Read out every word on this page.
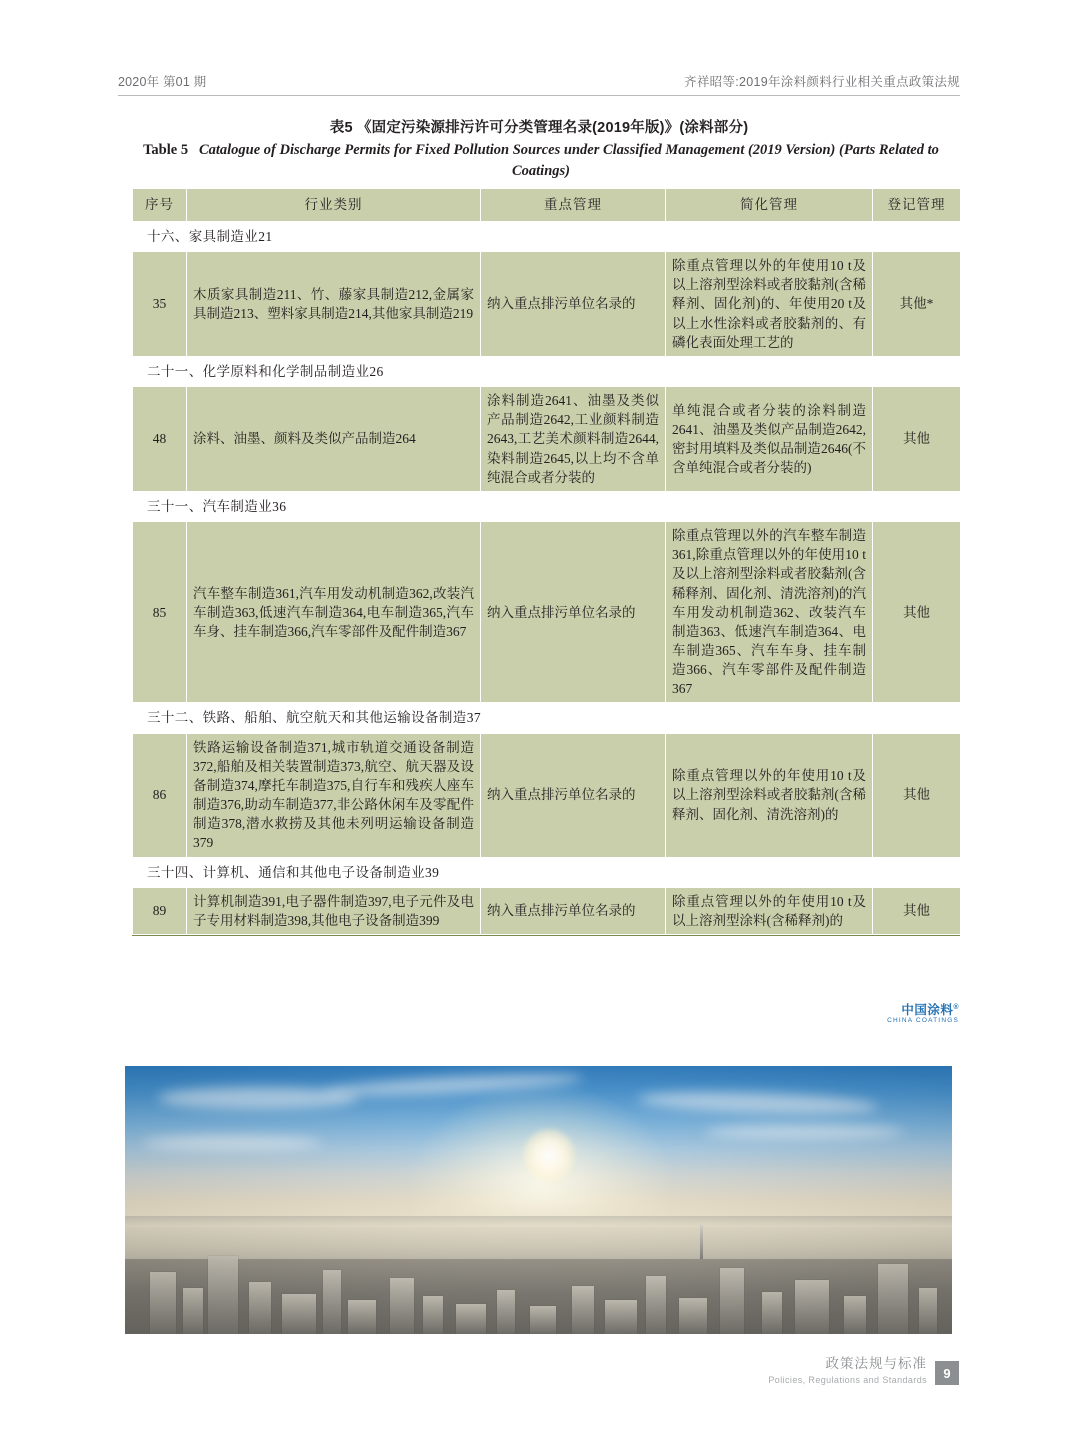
2020年 第01 期	齐祥昭等:2019年涂料颜料行业相关重点政策法规
表5 《固定污染源排污许可分类管理名录(2019年版)》(涂料部分)
Table 5 Catalogue of Discharge Permits for Fixed Pollution Sources under Classified Management (2019 Version) (Parts Related to Coatings)
序号	行业类别	重点管理	简化管理	登记管理
十六、家具制造业21				
35	木质家具制造211、竹、藤家具制造212,金属家具制造213、塑料家具制造214,其他家具制造219	纳入重点排污单位名录的	除重点管理以外的年使用10 t及以上溶剂型涂料或者胶黏剂(含稀释剂、固化剂)的、年使用20 t及以上水性涂料或者胶黏剂的、有磷化表面处理工艺的	其他*
二十一、化学原料和化学制品制造业26				
48	涂料、油墨、颜料及类似产品制造264	涂料制造2641、油墨及类似产品制造2642,工业颜料制造2643,工艺美术颜料制造2644,染料制造2645,以上均不含单纯混合或者分装的	单纯混合或者分装的涂料制造2641、油墨及类似产品制造2642,密封用填料及类似品制造2646(不含单纯混合或者分装的)	其他
三十一、汽车制造业36				
85	汽车整车制造361,汽车用发动机制造362,改装汽车制造363,低速汽车制造364,电车制造365,汽车车身、挂车制造366,汽车零部件及配件制造367	纳入重点排污单位名录的	除重点管理以外的汽车整车制造361,除重点管理以外的年使用10 t及以上溶剂型涂料或者胶黏剂(含稀释剂、固化剂、清洗溶剂)的汽车用发动机制造362、改装汽车制造363、低速汽车制造364、电车制造365、汽车车身、挂车制造366、汽车零部件及配件制造367	其他
三十二、铁路、船舶、航空航天和其他运输设备制造37				
86	铁路运输设备制造371,城市轨道交通设备制造372,船舶及相关装置制造373,航空、航天器及设备制造374,摩托车制造375,自行车和残疾人座车制造376,助动车制造377,非公路休闲车及零配件制造378,潜水救捞及其他未列明运输设备制造379	纳入重点排污单位名录的	除重点管理以外的年使用10 t及以上溶剂型涂料或者胶黏剂(含稀释剂、固化剂、清洗溶剂)的	其他
三十四、计算机、通信和其他电子设备制造业39				
89	计算机制造391,电子器件制造397,电子元件及电子专用材料制造398,其他电子设备制造399	纳入重点排污单位名录的	除重点管理以外的年使用10 t及以上溶剂型涂料(含稀释剂)的	其他
中国涂料®
CHINA COATINGS
政策法规与标准
Policies, Regulations and Standards	9
